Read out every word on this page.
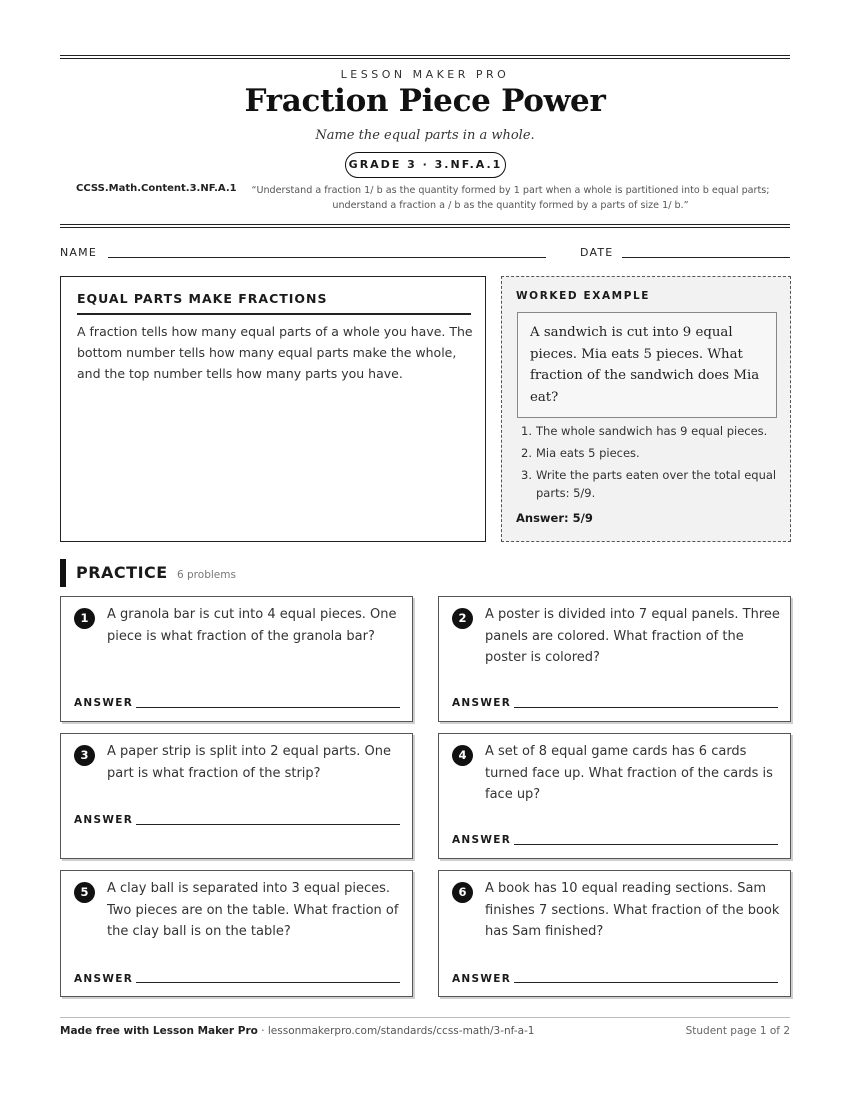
LESSON MAKER PRO
Fraction Piece Power
Name the equal parts in a whole.
GRADE 3 · 3.NF.A.1
CCSS.Math.Content.3.NF.A.1	“Understand a fraction 1/ b as the quantity formed by 1 part when a whole is partitioned into b equal parts; understand a fraction a / b as the quantity formed by a parts of size 1/ b.”
NAME	DATE
EQUAL PARTS MAKE FRACTIONS
A fraction tells how many equal parts of a whole you have. The bottom number tells how many equal parts make the whole, and the top number tells how many parts you have.
WORKED EXAMPLE
A sandwich is cut into 9 equal pieces. Mia eats 5 pieces. What fraction of the sandwich does Mia eat?
1. The whole sandwich has 9 equal pieces.
2. Mia eats 5 pieces.
3. Write the parts eaten over the total equal parts: 5/9.
Answer: 5/9
PRACTICE 6 problems
1	A granola bar is cut into 4 equal pieces. One piece is what fraction of the granola bar?
ANSWER
2	A poster is divided into 7 equal panels. Three panels are colored. What fraction of the poster is colored?
ANSWER
3	A paper strip is split into 2 equal parts. One part is what fraction of the strip?
ANSWER
4	A set of 8 equal game cards has 6 cards turned face up. What fraction of the cards is face up?
ANSWER
5	A clay ball is separated into 3 equal pieces. Two pieces are on the table. What fraction of the clay ball is on the table?
ANSWER
6	A book has 10 equal reading sections. Sam finishes 7 sections. What fraction of the book has Sam finished?
ANSWER
Made free with Lesson Maker Pro · lessonmakerpro.com/standards/ccss-math/3-nf-a-1	Student page 1 of 2
